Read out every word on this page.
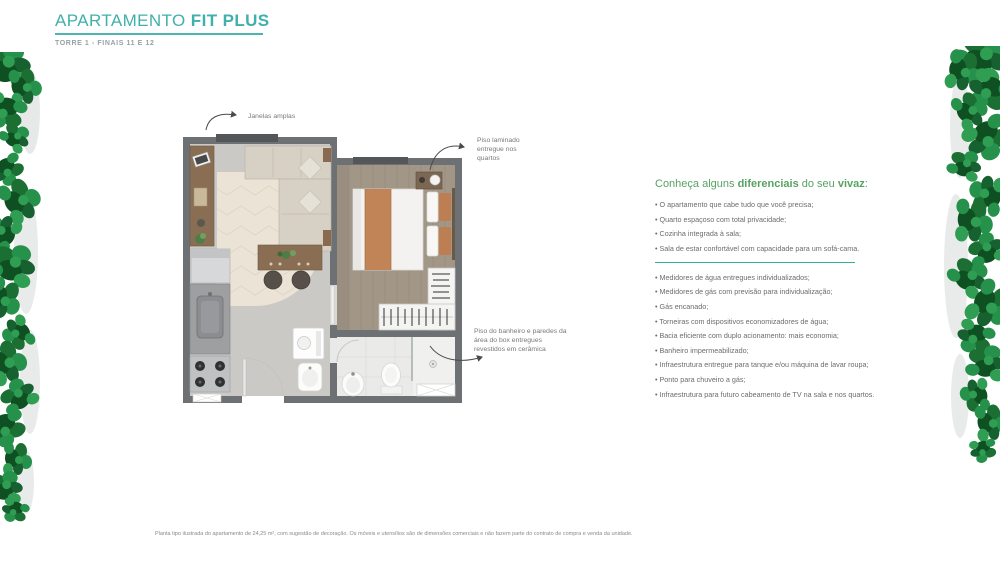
APARTAMENTO FIT PLUS
TORRE 1 - FINAIS 11 E 12
Janelas amplas
Piso laminado entregue nos quartos
Piso do banheiro e paredes da área do box entregues revestidos em cerâmica
Conheça alguns diferenciais do seu vivaz:
• O apartamento que cabe tudo que você precisa;
• Quarto espaçoso com total privacidade;
• Cozinha integrada à sala;
• Sala de estar confortável com capacidade para um sofá-cama.
• Medidores de água entregues individualizados;
• Medidores de gás com previsão para individualização;
• Gás encanado;
• Torneiras com dispositivos economizadores de água;
• Bacia eficiente com duplo acionamento: mais economia;
• Banheiro impermeabilizado;
• Infraestrutura entregue para tanque e/ou máquina de lavar roupa;
• Ponto para chuveiro a gás;
• Infraestrutura para futuro cabeamento de TV na sala e nos quartos.
Planta tipo ilustrada do apartamento de 24,25 m², com sugestão de decoração. Os móveis e utensílios são de dimensões comerciais e não fazem parte do contrato de compra e venda da unidade.
